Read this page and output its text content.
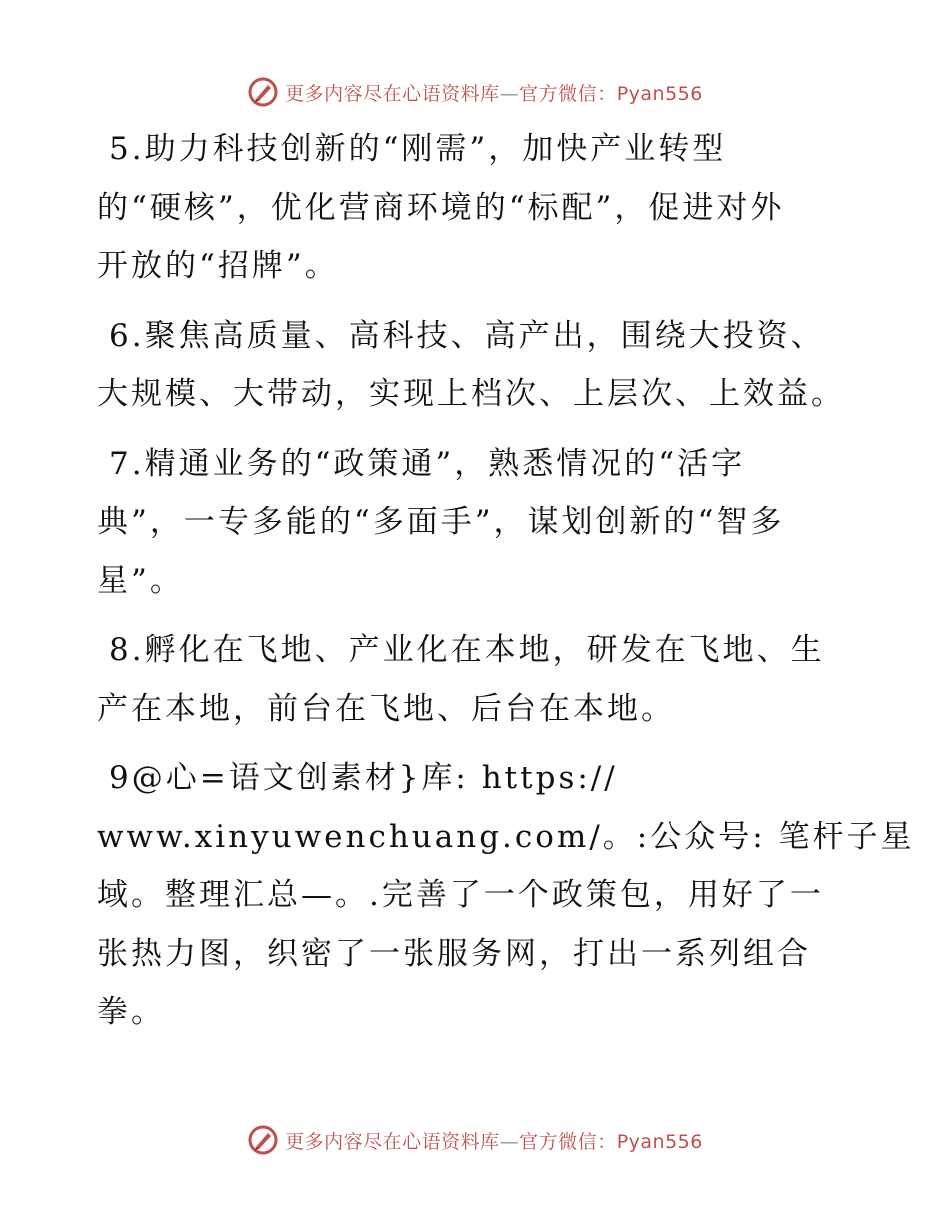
更多内容尽在心语资料库—官方微信：Pyan556

5.助力科技创新的“刚需”，加快产业转型
的“硬核”，优化营商环境的“标配”，促进对外
开放的“招牌”。

6.聚焦高质量、高科技、高产出，围绕大投资、
大规模、大带动，实现上档次、上层次、上效益。

7.精通业务的“政策通”，熟悉情况的“活字
典”，一专多能的“多面手”，谋划创新的“智多
星”。

8.孵化在飞地、产业化在本地，研发在飞地、生
产在本地，前台在飞地、后台在本地。

9@心=语文创素材}库: https://
www.xinyuwenchuang.com/。:公众号: 笔杆子星
域。整理汇总—。.完善了一个政策包，用好了一
张热力图，织密了一张服务网，打出一系列组合
拳。

更多内容尽在心语资料库—官方微信：Pyan556
